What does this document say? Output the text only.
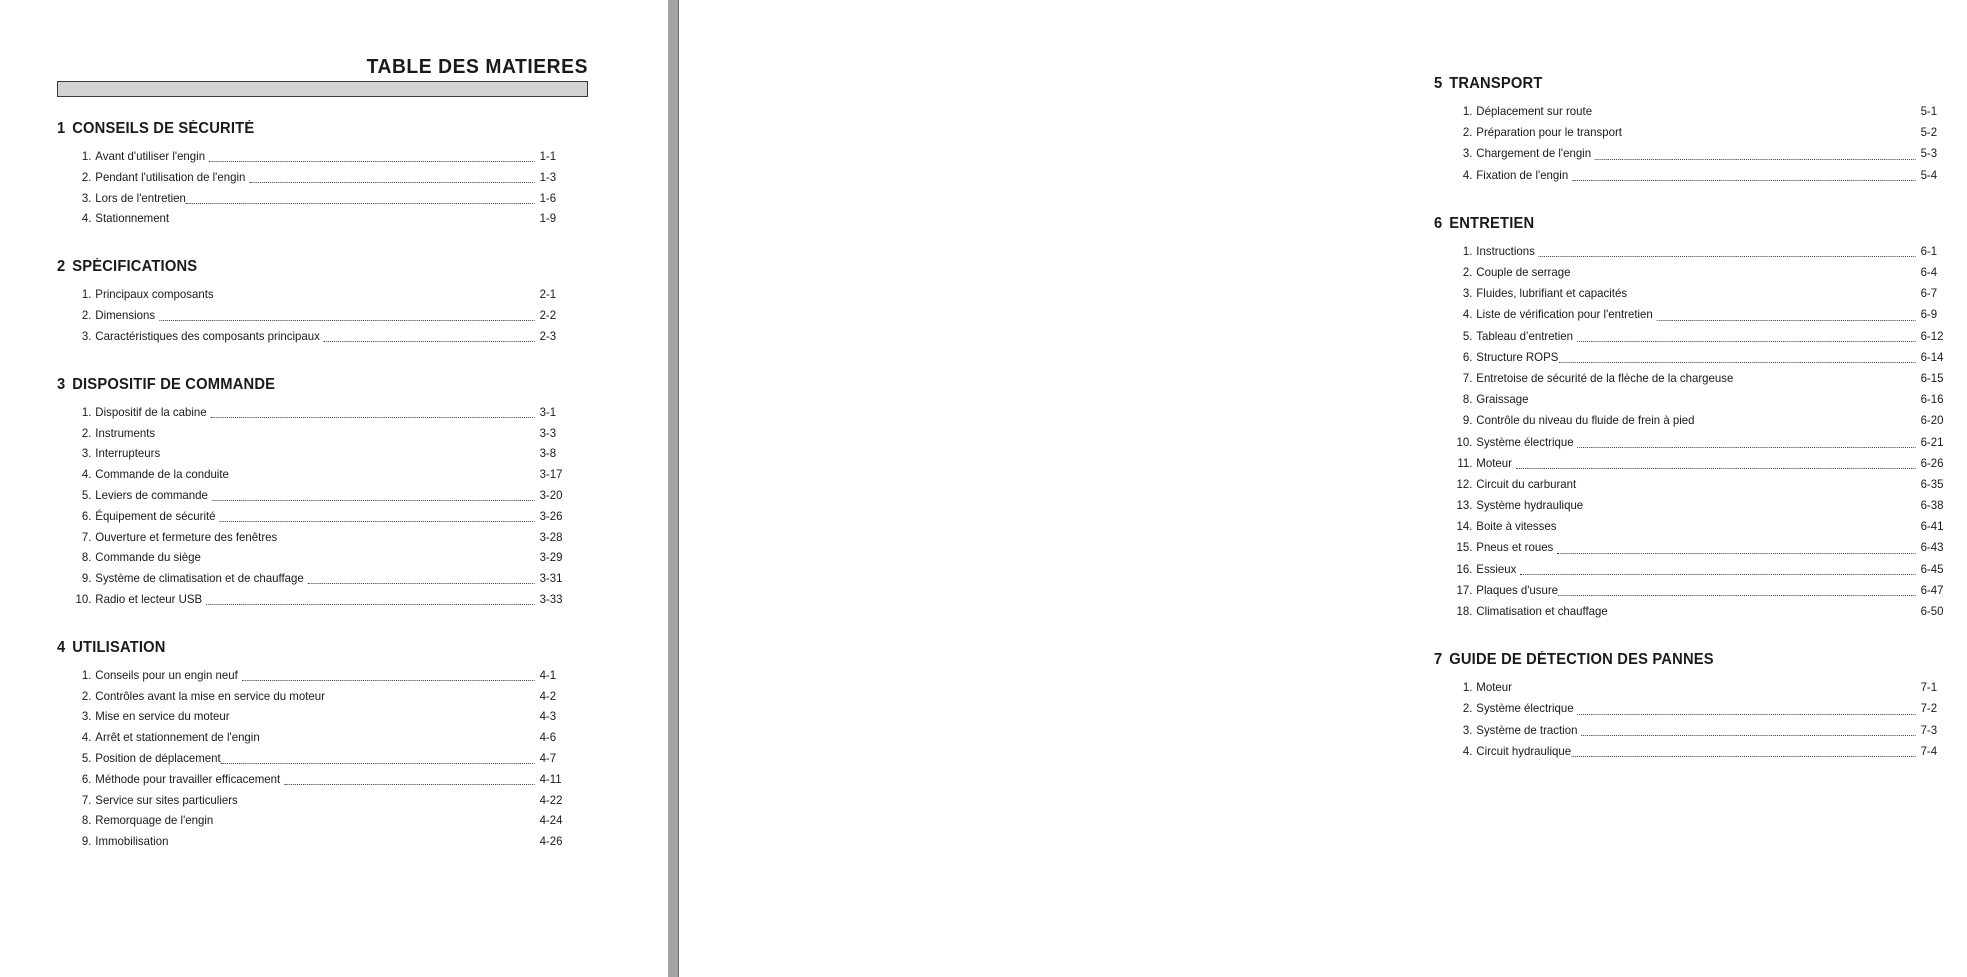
TABLE DES MATIERES
1 CONSEILS DE SÉCURITÉ
1. Avant d'utiliser l'engin	1-1
2. Pendant l'utilisation de l'engin	1-3
3. Lors de l'entretien	1-6
4. Stationnement	1-9
2 SPÉCIFICATIONS
1. Principaux composants	2-1
2. Dimensions	2-2
3. Caractéristiques des composants principaux	2-3
3 DISPOSITIF DE COMMANDE
1. Dispositif de la cabine	3-1
2. Instruments	3-3
3. Interrupteurs	3-8
4. Commande de la conduite	3-17
5. Leviers de commande	3-20
6. Équipement de sécurité	3-26
7. Ouverture et fermeture des fenêtres	3-28
8. Commande du siège	3-29
9. Système de climatisation et de chauffage	3-31
10. Radio et lecteur USB	3-33
4 UTILISATION
1. Conseils pour un engin neuf	4-1
2. Contrôles avant la mise en service du moteur	4-2
3. Mise en service du moteur	4-3
4. Arrêt et stationnement de l'engin	4-6
5. Position de déplacement	4-7
6. Méthode pour travailler efficacement	4-11
7. Service sur sites particuliers	4-22
8. Remorquage de l'engin	4-24
9. Immobilisation	4-26
5 TRANSPORT
1. Déplacement sur route	5-1
2. Préparation pour le transport	5-2
3. Chargement de l'engin	5-3
4. Fixation de l'engin	5-4
6 ENTRETIEN
1. Instructions	6-1
2. Couple de serrage	6-4
3. Fluides, lubrifiant et capacités	6-7
4. Liste de vérification pour l'entretien	6-9
5. Tableau d’entretien	6-12
6. Structure ROPS	6-14
7. Entretoise de sécurité de la flèche de la chargeuse	6-15
8. Graissage	6-16
9. Contrôle du niveau du fluide de frein à pied	6-20
10. Système électrique	6-21
11. Moteur	6-26
12. Circuit du carburant	6-35
13. Système hydraulique	6-38
14. Boite à vitesses	6-41
15. Pneus et roues	6-43
16. Essieux	6-45
17. Plaques d'usure	6-47
18. Climatisation et chauffage	6-50
7 GUIDE DE DÉTECTION DES PANNES
1. Moteur	7-1
2. Système électrique	7-2
3. Système de traction	7-3
4. Circuit hydraulique	7-4
